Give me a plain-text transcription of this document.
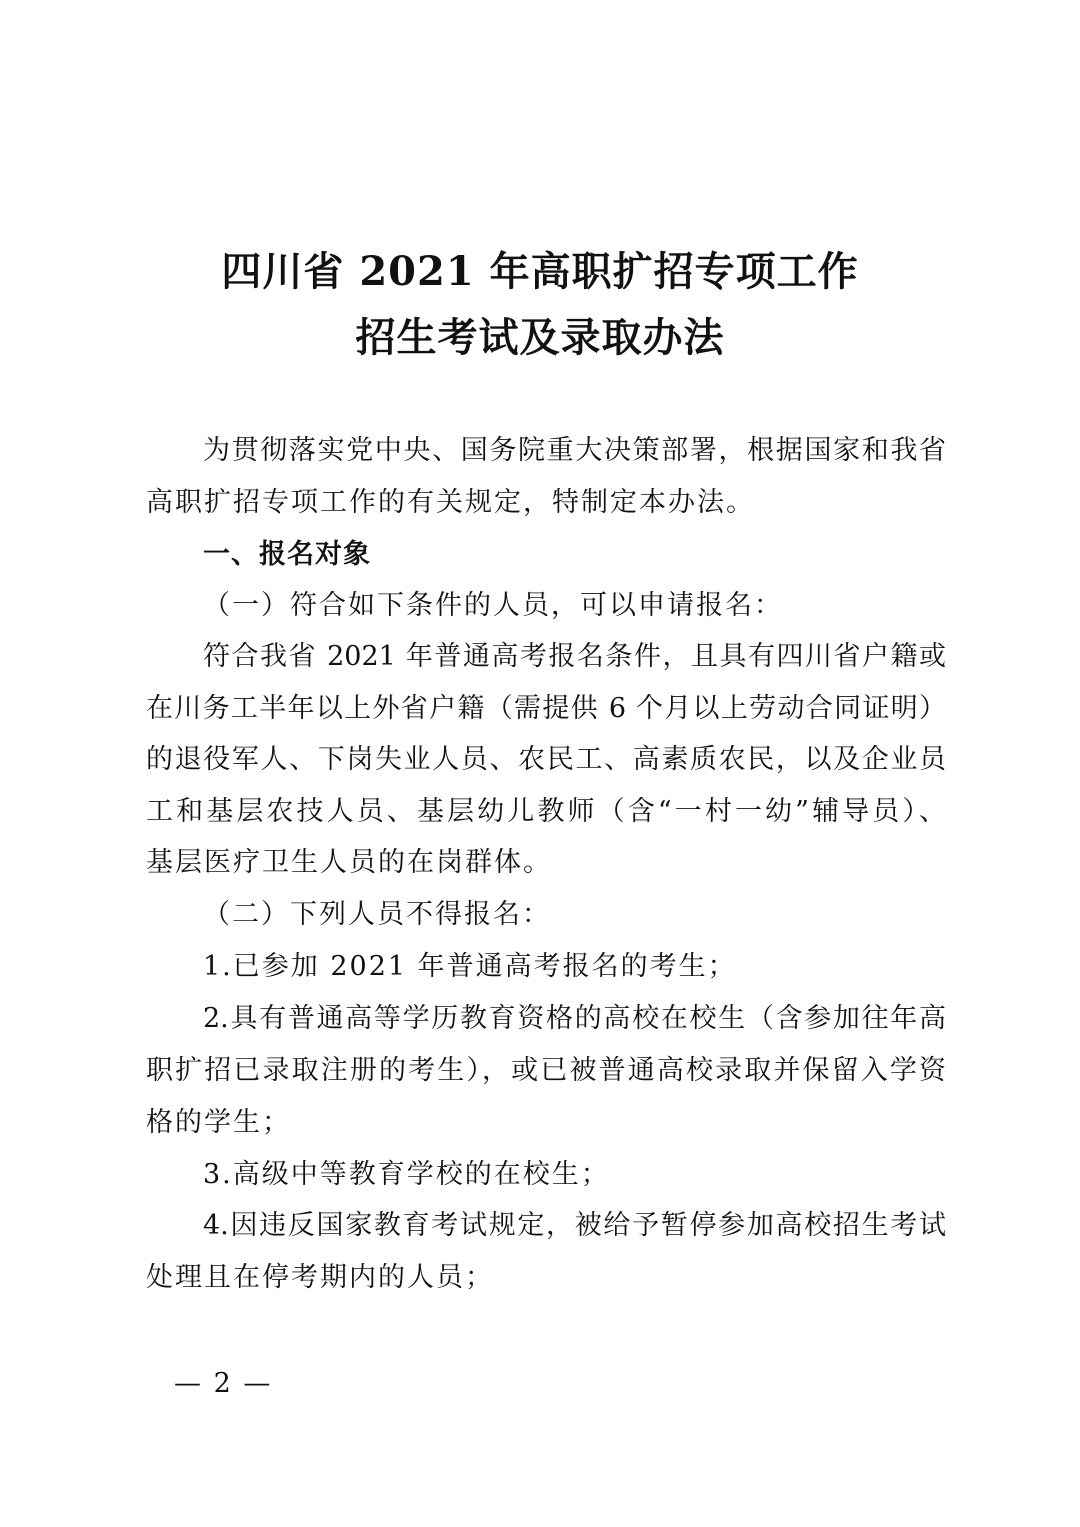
四川省 2021 年高职扩招专项工作
招生考试及录取办法
为贯彻落实党中央、国务院重大决策部署，根据国家和我省
高职扩招专项工作的有关规定，特制定本办法。
一、报名对象
（一）符合如下条件的人员，可以申请报名：
符合我省 2021 年普通高考报名条件，且具有四川省户籍或
在川务工半年以上外省户籍（需提供 6 个月以上劳动合同证明）
的退役军人、下岗失业人员、农民工、高素质农民，以及企业员
工和基层农技人员、基层幼儿教师（含“一村一幼”辅导员）、
基层医疗卫生人员的在岗群体。
（二）下列人员不得报名：
1.已参加 2021 年普通高考报名的考生；
2.具有普通高等学历教育资格的高校在校生（含参加往年高
职扩招已录取注册的考生），或已被普通高校录取并保留入学资
格的学生；
3.高级中等教育学校的在校生；
4.因违反国家教育考试规定，被给予暂停参加高校招生考试
处理且在停考期内的人员；
— 2 —
